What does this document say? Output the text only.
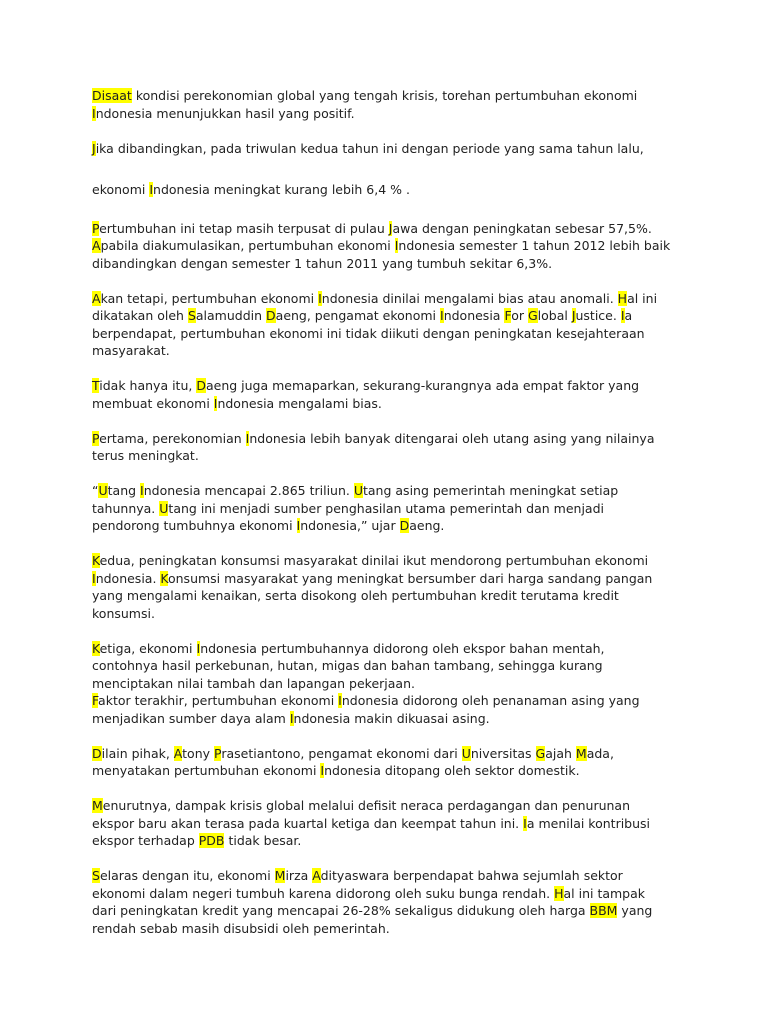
Disaat kondisi perekonomian global yang tengah krisis, torehan pertumbuhan ekonomi
Indonesia menunjukkan hasil yang positif.
Jika dibandingkan, pada triwulan kedua tahun ini dengan periode yang sama tahun lalu,
ekonomi Indonesia meningkat kurang lebih 6,4 % .
Pertumbuhan ini tetap masih terpusat di pulau Jawa dengan peningkatan sebesar 57,5%.
Apabila diakumulasikan, pertumbuhan ekonomi Indonesia semester 1 tahun 2012 lebih baik
dibandingkan dengan semester 1 tahun 2011 yang tumbuh sekitar 6,3%.
Akan tetapi, pertumbuhan ekonomi Indonesia dinilai mengalami bias atau anomali. Hal ini
dikatakan oleh Salamuddin Daeng, pengamat ekonomi Indonesia For Global Justice. Ia
berpendapat, pertumbuhan ekonomi ini tidak diikuti dengan peningkatan kesejahteraan
masyarakat.
Tidak hanya itu, Daeng juga memaparkan, sekurang-kurangnya ada empat faktor yang
membuat ekonomi Indonesia mengalami bias.
Pertama, perekonomian Indonesia lebih banyak ditengarai oleh utang asing yang nilainya
terus meningkat.
“Utang Indonesia mencapai 2.865 triliun. Utang asing pemerintah meningkat setiap
tahunnya. Utang ini menjadi sumber penghasilan utama pemerintah dan menjadi
pendorong tumbuhnya ekonomi Indonesia,” ujar Daeng.
Kedua, peningkatan konsumsi masyarakat dinilai ikut mendorong pertumbuhan ekonomi
Indonesia. Konsumsi masyarakat yang meningkat bersumber dari harga sandang pangan
yang mengalami kenaikan, serta disokong oleh pertumbuhan kredit terutama kredit
konsumsi.
Ketiga, ekonomi Indonesia pertumbuhannya didorong oleh ekspor bahan mentah,
contohnya hasil perkebunan, hutan, migas dan bahan tambang, sehingga kurang
menciptakan nilai tambah dan lapangan pekerjaan.
Faktor terakhir, pertumbuhan ekonomi Indonesia didorong oleh penanaman asing yang
menjadikan sumber daya alam Indonesia makin dikuasai asing.
Dilain pihak, Atony Prasetiantono, pengamat ekonomi dari Universitas Gajah Mada,
menyatakan pertumbuhan ekonomi Indonesia ditopang oleh sektor domestik.
Menurutnya, dampak krisis global melalui defisit neraca perdagangan dan penurunan
ekspor baru akan terasa pada kuartal ketiga dan keempat tahun ini. Ia menilai kontribusi
ekspor terhadap PDB tidak besar.
Selaras dengan itu, ekonomi Mirza Adityaswara berpendapat bahwa sejumlah sektor
ekonomi dalam negeri tumbuh karena didorong oleh suku bunga rendah. Hal ini tampak
dari peningkatan kredit yang mencapai 26-28% sekaligus didukung oleh harga BBM yang
rendah sebab masih disubsidi oleh pemerintah.
